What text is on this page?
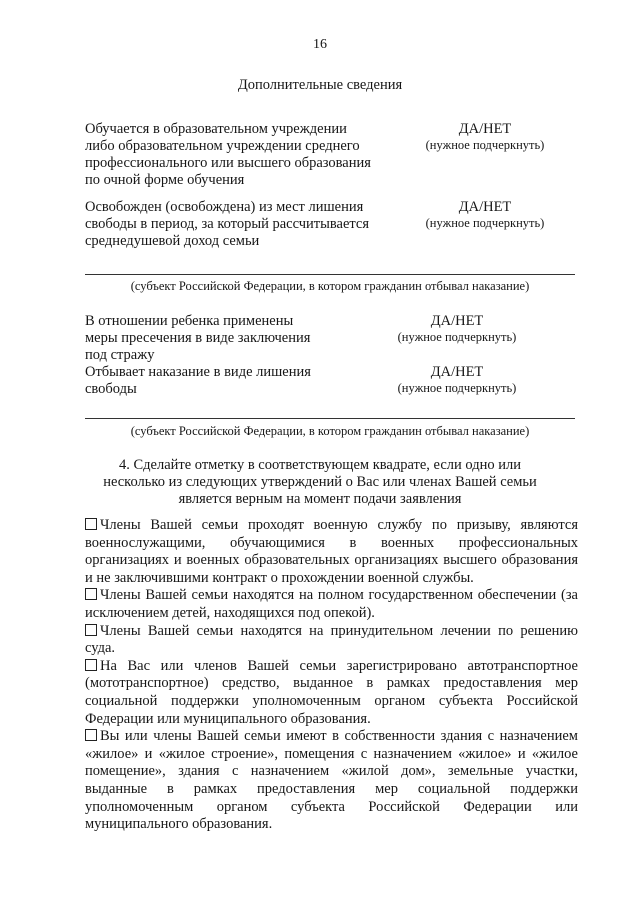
16
Дополнительные сведения
Обучается в образовательном учреждении
либо образовательном учреждении среднего
профессионального или высшего образования
по очной форме обучения
ДА/НЕТ
(нужное подчеркнуть)
Освобожден (освобождена) из мест лишения
свободы в период, за который рассчитывается
среднедушевой доход семьи
ДА/НЕТ
(нужное подчеркнуть)
(субъект Российской Федерации, в котором гражданин отбывал наказание)
В отношении ребенка применены
меры пресечения в виде заключения
под стражу
ДА/НЕТ
(нужное подчеркнуть)
Отбывает наказание в виде лишения
свободы
ДА/НЕТ
(нужное подчеркнуть)
(субъект Российской Федерации, в котором гражданин отбывал наказание)
4. Сделайте отметку в соответствующем квадрате, если одно или
несколько из следующих утверждений о Вас или членах Вашей семьи
является верным на момент подачи заявления

Члены Вашей семьи проходят военную службу по призыву, являются военнослужащими, обучающимися в военных профессиональных организациях и военных образовательных организациях высшего образования и не заключившими контракт о прохождении военной службы.

Члены Вашей семьи находятся на полном государственном обеспечении (за исключением детей, находящихся под опекой).

Члены Вашей семьи находятся на принудительном лечении по решению суда.

На Вас или членов Вашей семьи зарегистрировано автотранспортное (мототранспортное) средство, выданное в рамках предоставления мер социальной поддержки уполномоченным органом субъекта Российской Федерации или муниципального образования.

Вы или члены Вашей семьи имеют в собственности здания с назначением «жилое» и «жилое строение», помещения с назначением «жилое» и «жилое помещение», здания с назначением «жилой дом», земельные участки, выданные в рамках предоставления мер социальной поддержки уполномоченным органом субъекта Российской Федерации или муниципального образования.
